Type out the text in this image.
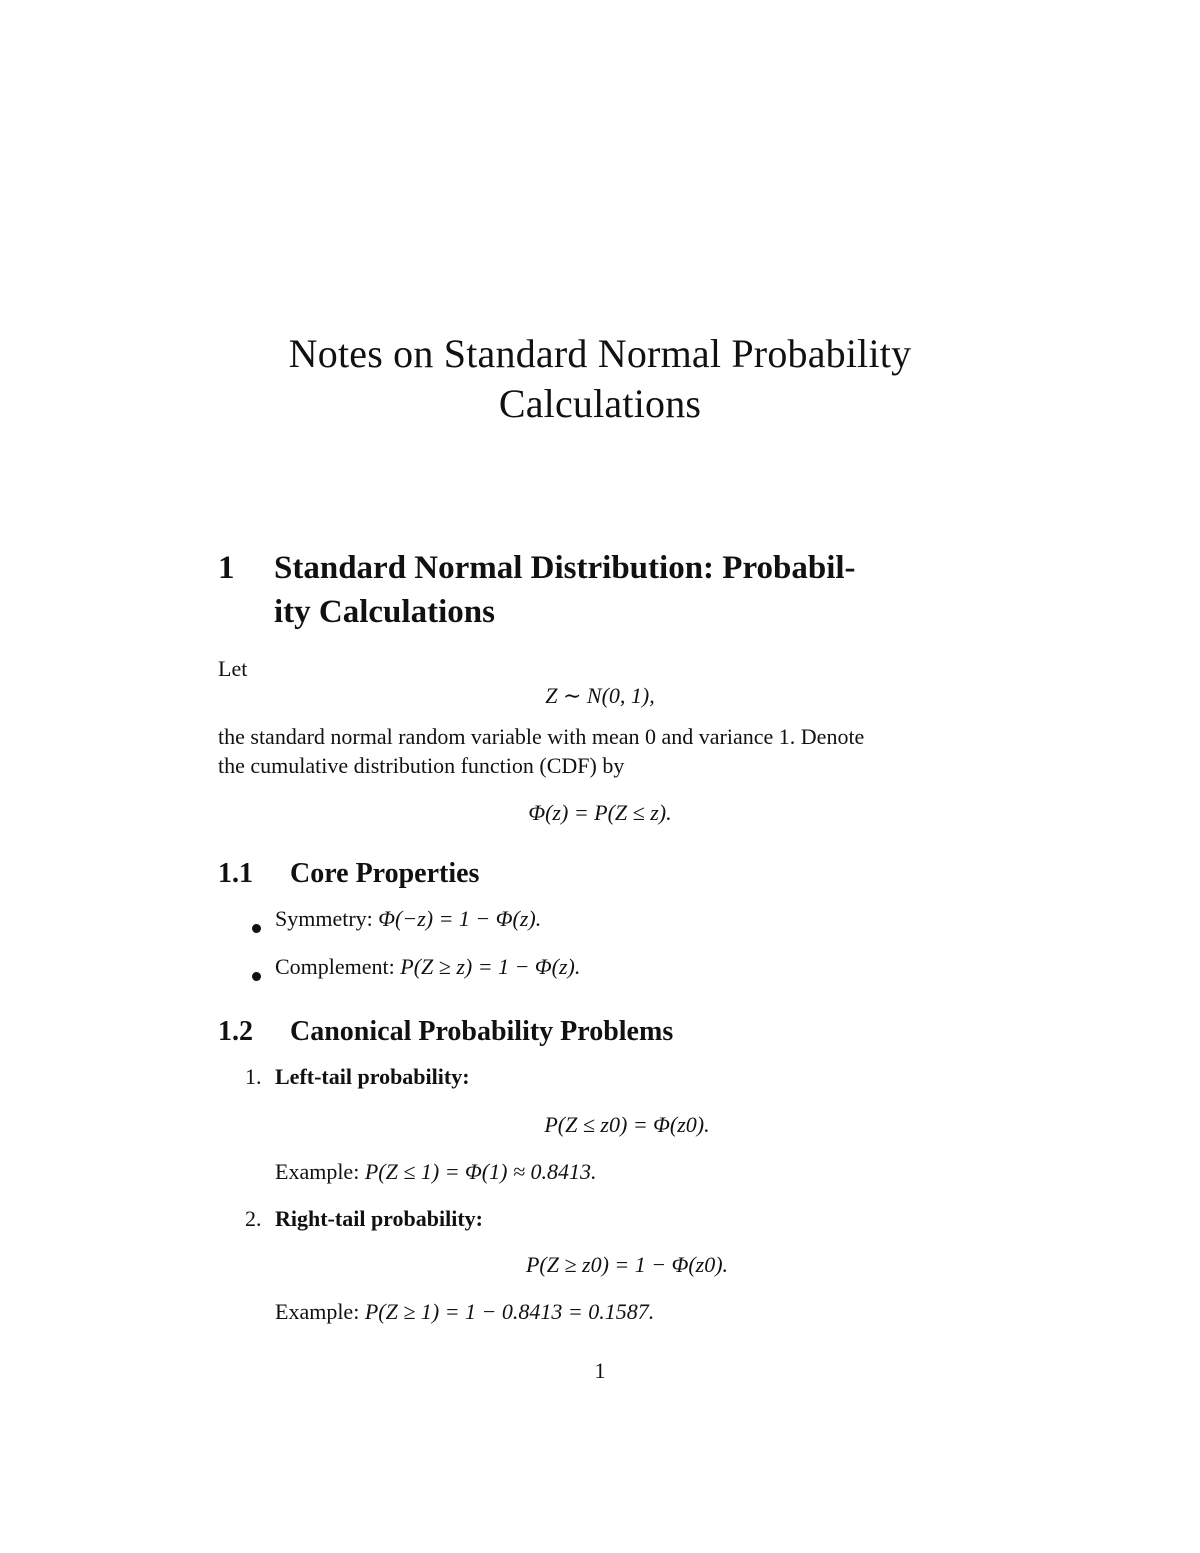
Notes on Standard Normal Probability
Calculations
1 Standard Normal Distribution: Probabil-
ity Calculations
Let
Z ∼ N(0, 1),
the standard normal random variable with mean 0 and variance 1. Denote
the cumulative distribution function (CDF) by
Φ(z) = P(Z ≤ z).
1.1 Core Properties
Symmetry: Φ(−z) = 1 − Φ(z).
Complement: P(Z ≥ z) = 1 − Φ(z).
1.2 Canonical Probability Problems
1. Left-tail probability:
P(Z ≤ z0) = Φ(z0).
Example: P(Z ≤ 1) = Φ(1) ≈ 0.8413.
2. Right-tail probability:
P(Z ≥ z0) = 1 − Φ(z0).
Example: P(Z ≥ 1) = 1 − 0.8413 = 0.1587.
1
